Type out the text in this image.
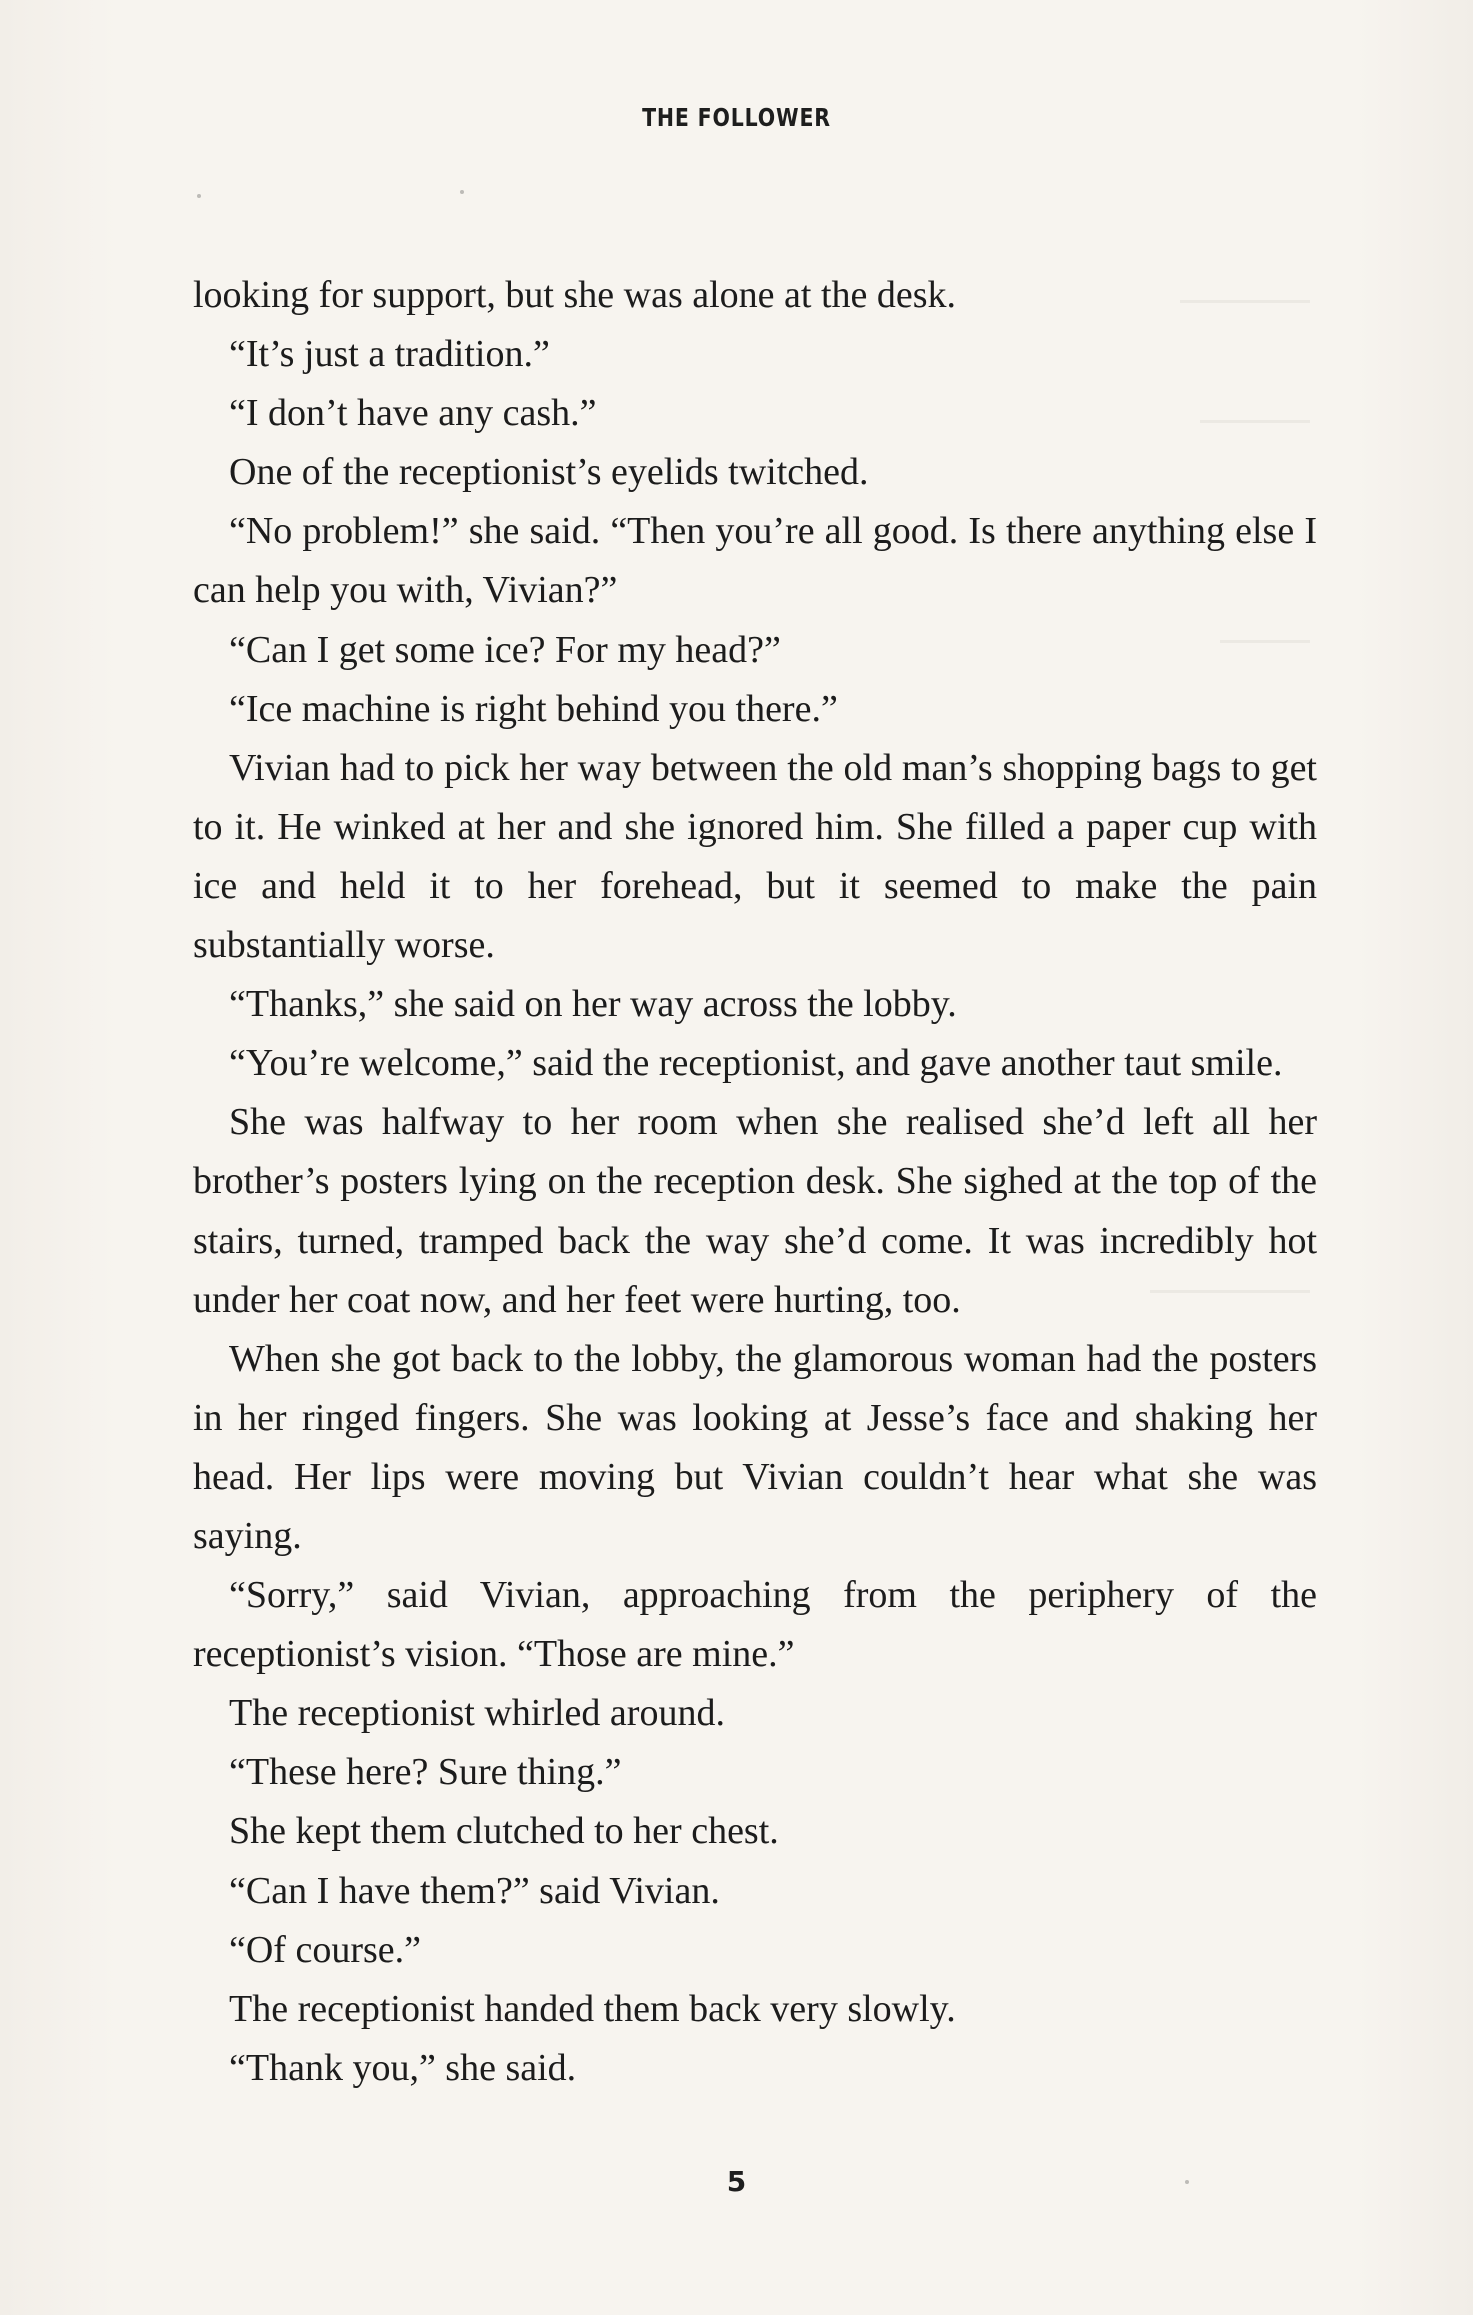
THE FOLLOWER

looking for support, but she was alone at the desk.

“It’s just a tradition.”

“I don’t have any cash.”

One of the receptionist’s eyelids twitched.

“No problem!” she said. “Then you’re all good. Is there anything else I can help you with, Vivian?”

“Can I get some ice? For my head?”

“Ice machine is right behind you there.”

Vivian had to pick her way between the old man’s shopping bags to get to it. He winked at her and she ignored him. She filled a paper cup with ice and held it to her forehead, but it seemed to make the pain substantially worse.

“Thanks,” she said on her way across the lobby.

“You’re welcome,” said the receptionist, and gave another taut smile.

She was halfway to her room when she realised she’d left all her brother’s posters lying on the reception desk. She sighed at the top of the stairs, turned, tramped back the way she’d come. It was incredibly hot under her coat now, and her feet were hurting, too.

When she got back to the lobby, the glamorous woman had the posters in her ringed fingers. She was looking at Jesse’s face and shaking her head. Her lips were moving but Vivian couldn’t hear what she was saying.

“Sorry,” said Vivian, approaching from the periphery of the receptionist’s vision. “Those are mine.”

The receptionist whirled around.

“These here? Sure thing.”

She kept them clutched to her chest.

“Can I have them?” said Vivian.

“Of course.”

The receptionist handed them back very slowly.

“Thank you,” she said.

5
